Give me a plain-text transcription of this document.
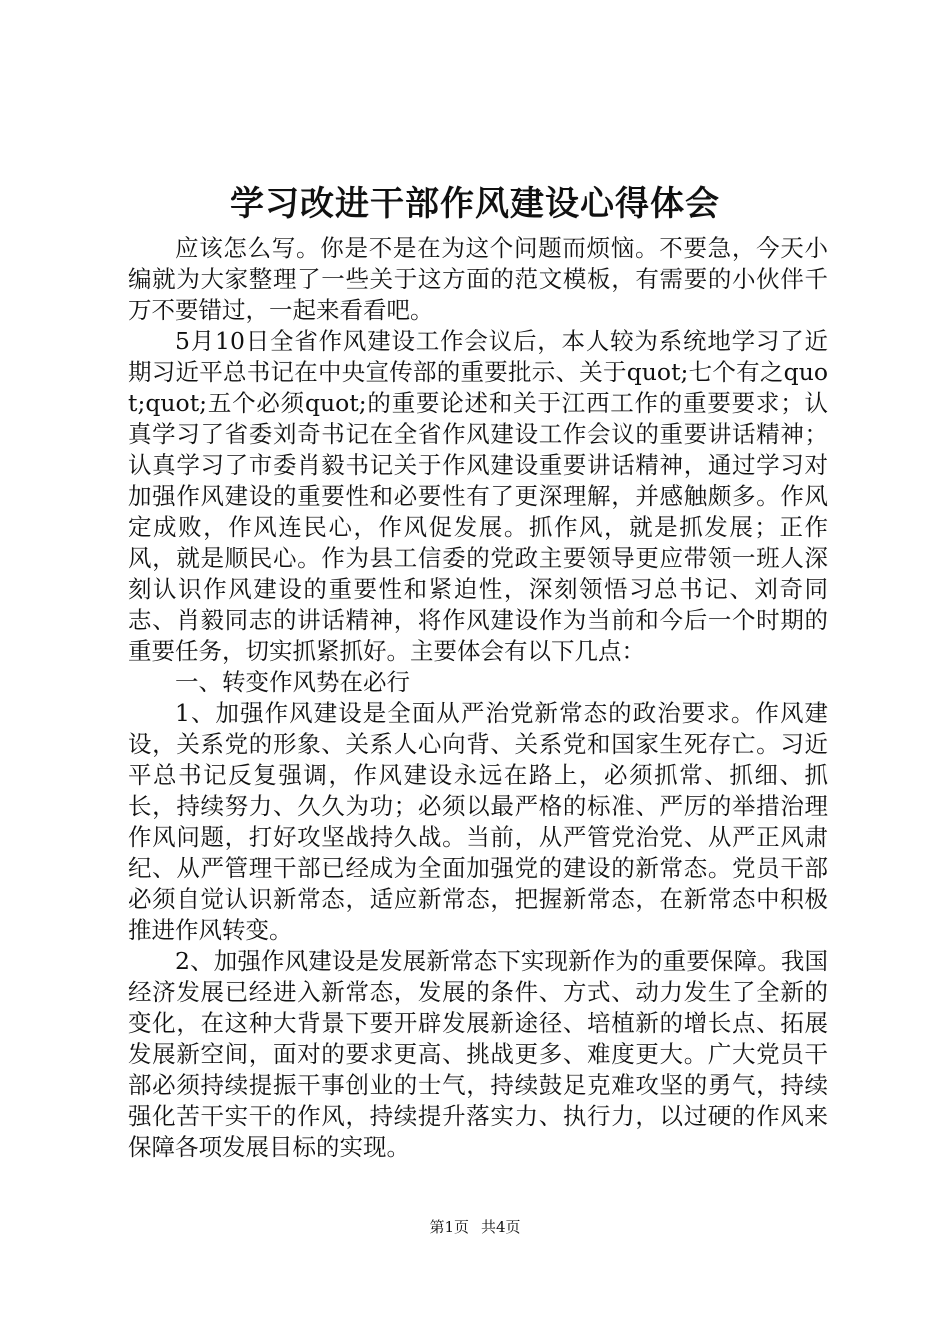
学习改进干部作风建设心得体会

应该怎么写。你是不是在为这个问题而烦恼。不要急，今天小编就为大家整理了一些关于这方面的范文模板，有需要的小伙伴千万不要错过，一起来看看吧。

5月10日全省作风建设工作会议后，本人较为系统地学习了近期习近平总书记在中央宣传部的重要批示、关于quot;七个有之quot;quot;五个必须quot;的重要论述和关于江西工作的重要要求；认真学习了省委刘奇书记在全省作风建设工作会议的重要讲话精神；认真学习了市委肖毅书记关于作风建设重要讲话精神，通过学习对加强作风建设的重要性和必要性有了更深理解，并感触颇多。作风定成败，作风连民心，作风促发展。抓作风，就是抓发展；正作风，就是顺民心。作为县工信委的党政主要领导更应带领一班人深刻认识作风建设的重要性和紧迫性，深刻领悟习总书记、刘奇同志、肖毅同志的讲话精神，将作风建设作为当前和今后一个时期的重要任务，切实抓紧抓好。主要体会有以下几点：

一、转变作风势在必行

1、加强作风建设是全面从严治党新常态的政治要求。作风建设，关系党的形象、关系人心向背、关系党和国家生死存亡。习近平总书记反复强调，作风建设永远在路上，必须抓常、抓细、抓长，持续努力、久久为功；必须以最严格的标准、严厉的举措治理作风问题，打好攻坚战持久战。当前，从严管党治党、从严正风肃纪、从严管理干部已经成为全面加强党的建设的新常态。党员干部必须自觉认识新常态，适应新常态，把握新常态，在新常态中积极推进作风转变。

2、加强作风建设是发展新常态下实现新作为的重要保障。我国经济发展已经进入新常态，发展的条件、方式、动力发生了全新的变化，在这种大背景下要开辟发展新途径、培植新的增长点、拓展发展新空间，面对的要求更高、挑战更多、难度更大。广大党员干部必须持续提振干事创业的士气，持续鼓足克难攻坚的勇气，持续强化苦干实干的作风，持续提升落实力、执行力，以过硬的作风来保障各项发展目标的实现。

第1页 共4页
